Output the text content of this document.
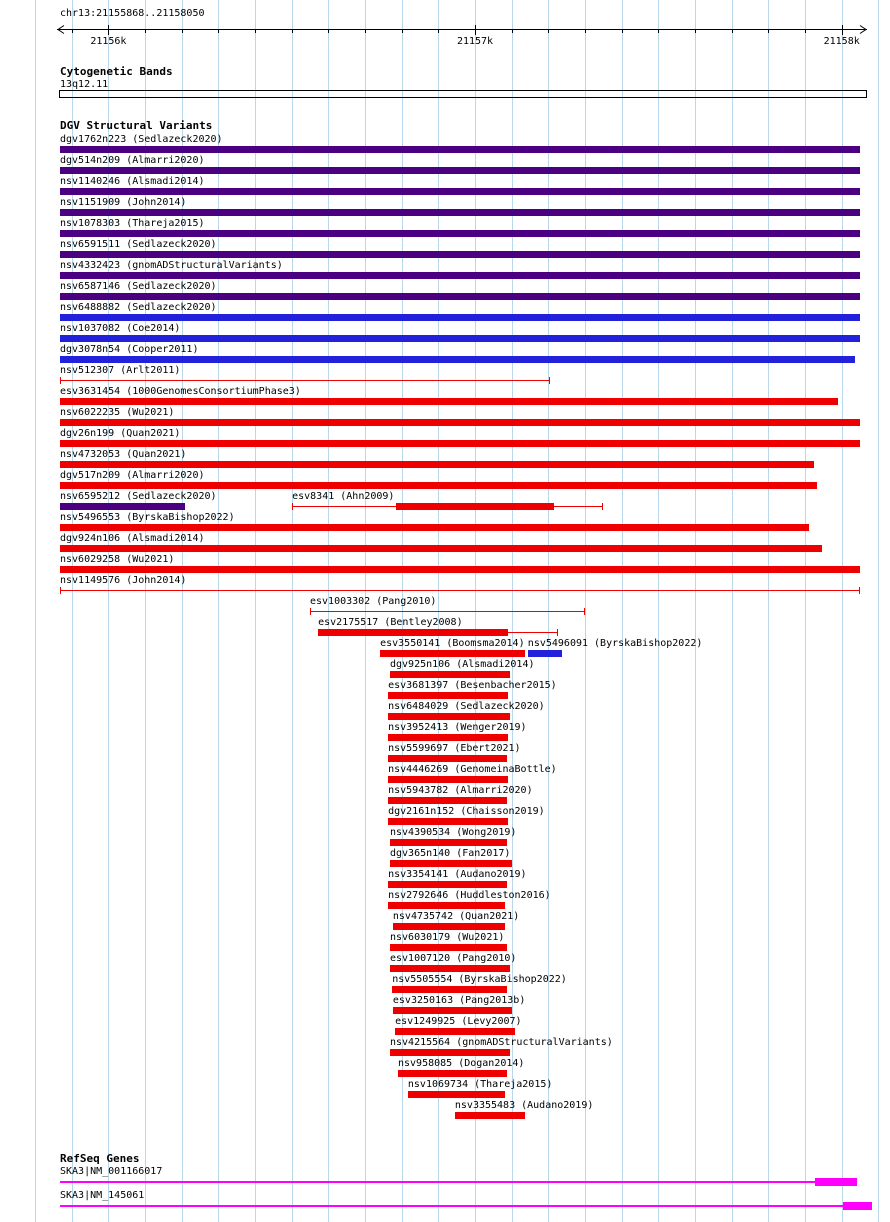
chr13:21155868..21158050
Cytogenetic Bands
13q12.11
DGV Structural Variants
RefSeq Genes
21156k	21157k	21158k
dgv1762n223 (Sedlazeck2020)
dgv514n209 (Almarri2020)
nsv1140246 (Alsmadi2014)
nsv1151909 (John2014)
nsv1078303 (Thareja2015)
nsv6591511 (Sedlazeck2020)
nsv4332423 (gnomADStructuralVariants)
nsv6587146 (Sedlazeck2020)
nsv6488882 (Sedlazeck2020)
nsv1037082 (Coe2014)
dgv3078n54 (Cooper2011)
nsv512307 (Arlt2011)
esv3631454 (1000GenomesConsortiumPhase3)
nsv6022235 (Wu2021)
dgv26n199 (Quan2021)
nsv4732053 (Quan2021)
dgv517n209 (Almarri2020)
nsv6595212 (Sedlazeck2020)	esv8341 (Ahn2009)
nsv5496553 (ByrskaBishop2022)
dgv924n106 (Alsmadi2014)
nsv6029258 (Wu2021)
nsv1149576 (John2014)
esv1003302 (Pang2010)
esv2175517 (Bentley2008)
esv3550141 (Boomsma2014) nsv5496091 (ByrskaBishop2022)
dgv925n106 (Alsmadi2014)
esv3681397 (Besenbacher2015)
nsv6484029 (Sedlazeck2020)
nsv3952413 (Wenger2019)
nsv5599697 (Ebert2021)
nsv4446269 (GenomeinaBottle)
nsv5943782 (Almarri2020)
dgv2161n152 (Chaisson2019)
nsv4390534 (Wong2019)
dgv365n140 (Fan2017)
nsv3354141 (Audano2019)
nsv2792646 (Huddleston2016)
nsv4735742 (Quan2021)
nsv6030179 (Wu2021)
esv1007120 (Pang2010)
nsv5505554 (ByrskaBishop2022)
esv3250163 (Pang2013b)
esv1249925 (Levy2007)
nsv4215564 (gnomADStructuralVariants)
nsv958085 (Dogan2014)
nsv1069734 (Thareja2015)
nsv3355483 (Audano2019)
SKA3|NM_001166017
SKA3|NM_145061
